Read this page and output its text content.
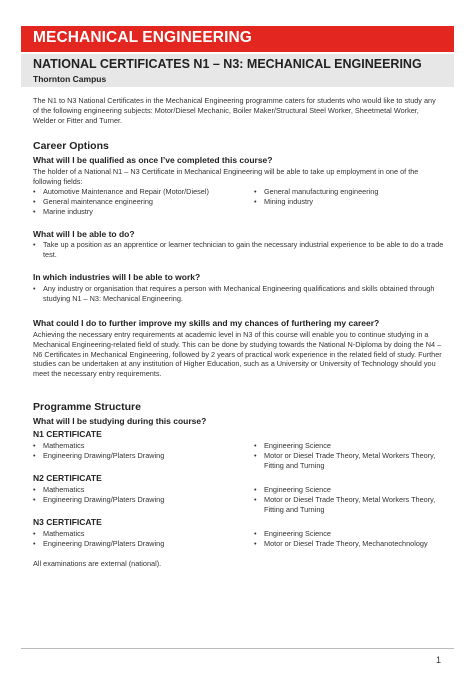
MECHANICAL ENGINEERING
NATIONAL CERTIFICATES N1 – N3: MECHANICAL ENGINEERING
Thornton Campus
The N1 to N3 National Certificates in the Mechanical Engineering programme caters for students who would like to study any of the following engineering subjects: Motor/Diesel Mechanic, Boiler Maker/Structural Steel Worker, Sheetmetal Worker, Welder or Fitter and Turner.
Career Options
What will I be qualified as once I’ve completed this course?
The holder of a National N1 – N3 Certificate in Mechanical Engineering will be able to take up employment in one of the following fields:
• Automotive Maintenance and Repair (Motor/Diesel)
• General maintenance engineering
• Marine industry
• General manufacturing engineering
• Mining industry
What will I be able to do?
• Take up a position as an apprentice or learner technician to gain the necessary industrial experience to be able to do a trade test.
In which industries will I be able to work?
• Any industry or organisation that requires a person with Mechanical Engineering qualifications and skills obtained through studying N1 – N3: Mechanical Engineering.
What could I do to further improve my skills and my chances of furthering my career?
Achieving the necessary entry requirements at academic level in N3 of this course will enable you to continue studying in a Mechanical Engineering-related field of study. This can be done by studying towards the National N-Diploma by doing the N4 – N6 Certificates in Mechanical Engineering, followed by 2 years of practical work experience in the related field of study. Further studies can be undertaken at any institution of Higher Education, such as a University or University of Technology should you meet the necessary entry requirements.
Programme Structure
What will I be studying during this course?
N1 CERTIFICATE
• Mathematics
• Engineering Drawing/Platers Drawing
• Engineering Science
• Motor or Diesel Trade Theory, Metal Workers Theory, Fitting and Turning
N2 CERTIFICATE
• Mathematics
• Engineering Drawing/Platers Drawing
• Engineering Science
• Motor or Diesel Trade Theory, Metal Workers Theory, Fitting and Turning
N3 CERTIFICATE
• Mathematics
• Engineering Drawing/Platers Drawing
• Engineering Science
• Motor or Diesel Trade Theory, Mechanotechnology
All examinations are external (national).
1
